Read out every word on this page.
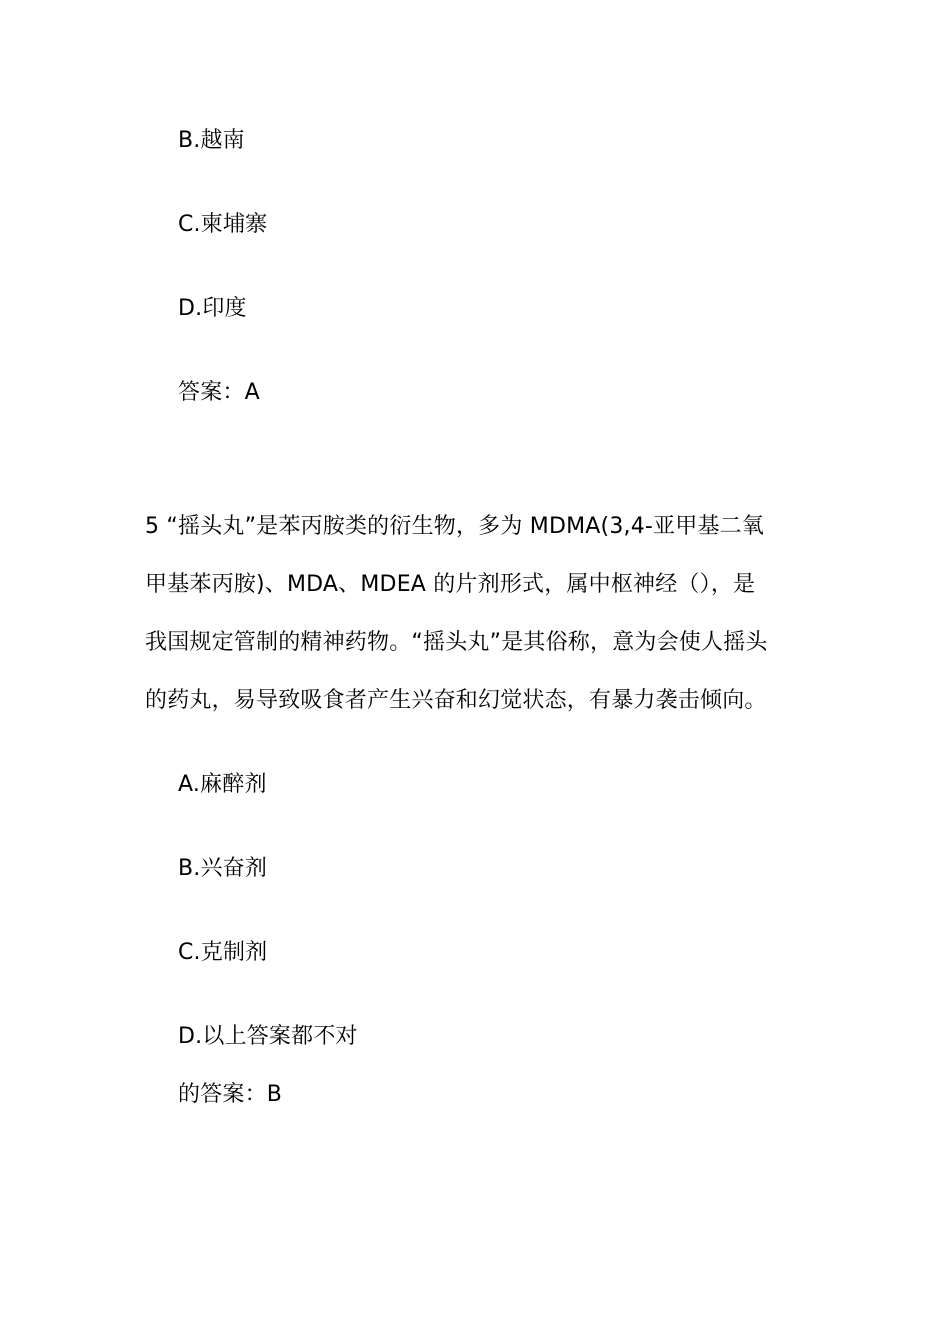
B.越南
C.柬埔寨
D.印度
答案：A
5 “摇头丸”是苯丙胺类的衍生物，多为 MDMA(3,4-亚甲基二氧
甲基苯丙胺)、MDA、MDEA 的片剂形式，属中枢神经（），是
我国规定管制的精神药物。“摇头丸”是其俗称，意为会使人摇头
的药丸，易导致吸食者产生兴奋和幻觉状态，有暴力袭击倾向。
A.麻醉剂
B.兴奋剂
C.克制剂
D.以上答案都不对
的答案：B
